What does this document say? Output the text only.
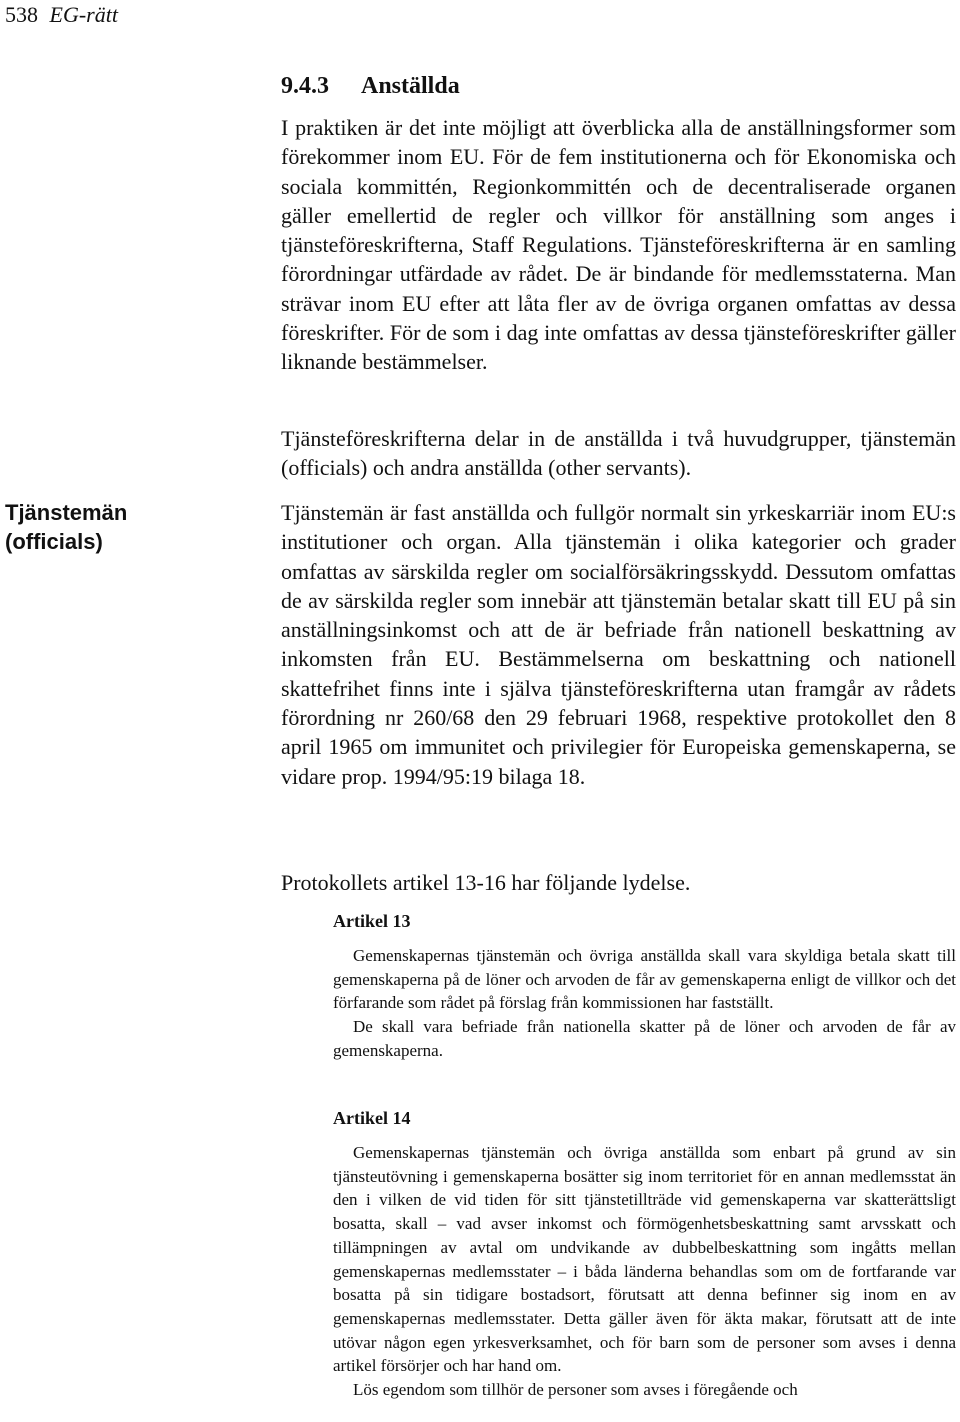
538 EG-rätt
9.4.3 Anställda

I praktiken är det inte möjligt att överblicka alla de anställningsformer som förekommer inom EU. För de fem institutionerna och för Ekonomiska och sociala kommittén, Regionkommittén och de decentraliserade organen gäller emellertid de regler och villkor för anställning som anges i tjänsteföreskrifterna, Staff Regulations. Tjänsteföreskrifterna är en samling förordningar utfärdade av rådet. De är bindande för medlemsstaterna. Man strävar inom EU efter att låta fler av de övriga organen omfattas av dessa föreskrifter. För de som i dag inte omfattas av dessa tjänsteföreskrifter gäller liknande bestämmelser.

Tjänsteföreskrifterna delar in de anställda i två huvudgrupper, tjänstemän (officials) och andra anställda (other servants).

Tjänstemän
(officials)

Tjänstemän är fast anställda och fullgör normalt sin yrkeskarriär inom EU:s institutioner och organ. Alla tjänstemän i olika kategorier och grader omfattas av särskilda regler om socialförsäkringsskydd. Dessutom omfattas de av särskilda regler som innebär att tjänstemän betalar skatt till EU på sin anställningsinkomst och att de är befriade från nationell beskattning av inkomsten från EU. Bestämmelserna om beskattning och nationell skattefrihet finns inte i själva tjänsteföreskrifterna utan framgår av rådets förordning nr 260/68 den 29 februari 1968, respektive protokollet den 8 april 1965 om immunitet och privilegier för Europeiska gemenskaperna, se vidare prop. 1994/95:19 bilaga 18.

Protokollets artikel 13-16 har följande lydelse.

Artikel 13

Gemenskapernas tjänstemän och övriga anställda skall vara skyldiga betala skatt till gemenskaperna på de löner och arvoden de får av gemenskaperna enligt de villkor och det förfarande som rådet på förslag från kommissionen har fastställt.

De skall vara befriade från nationella skatter på de löner och arvoden de får av gemenskaperna.

Artikel 14

Gemenskapernas tjänstemän och övriga anställda som enbart på grund av sin tjänsteutövning i gemenskaperna bosätter sig inom territoriet för en annan medlemsstat än den i vilken de vid tiden för sitt tjänstetillträde vid gemenskaperna var skatterättsligt bosatta, skall – vad avser inkomst och förmögenhetsbeskattning samt arvsskatt och tillämpningen av avtal om undvikande av dubbelbeskattning som ingåtts mellan gemenskapernas medlemsstater – i båda länderna behandlas som om de fortfarande var bosatta på sin tidigare bostadsort, förutsatt att denna befinner sig inom en av gemenskapernas medlemsstater. Detta gäller även för äkta makar, förutsatt att de inte utövar någon egen yrkesverksamhet, och för barn som de personer som avses i denna artikel försörjer och har hand om.

Lös egendom som tillhör de personer som avses i föregående och
